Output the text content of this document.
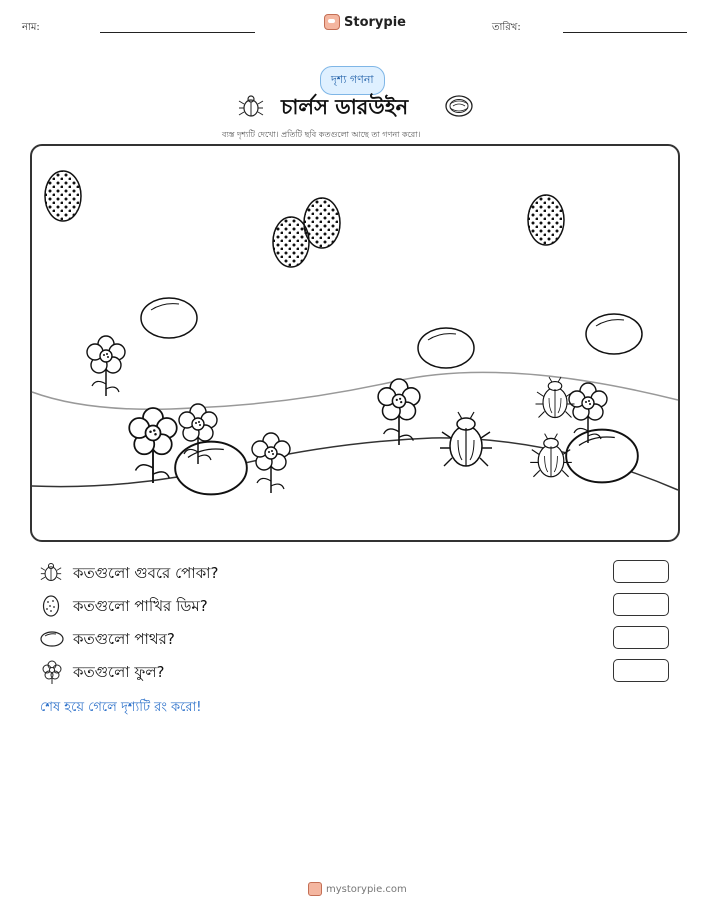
নাম:	Storypie	তারিখ:
দৃশ্য গণনা
চার্লস ডারউইন
ব্যস্ত দৃশ্যটি দেখো। প্রতিটি ছবি কতগুলো আছে তা গণনা করো।
কতগুলো গুবরে পোকা?
কতগুলো পাখির ডিম?
কতগুলো পাথর?
কতগুলো ফুল?
শেষ হয়ে গেলে দৃশ্যটি রং করো!
mystorypie.com
